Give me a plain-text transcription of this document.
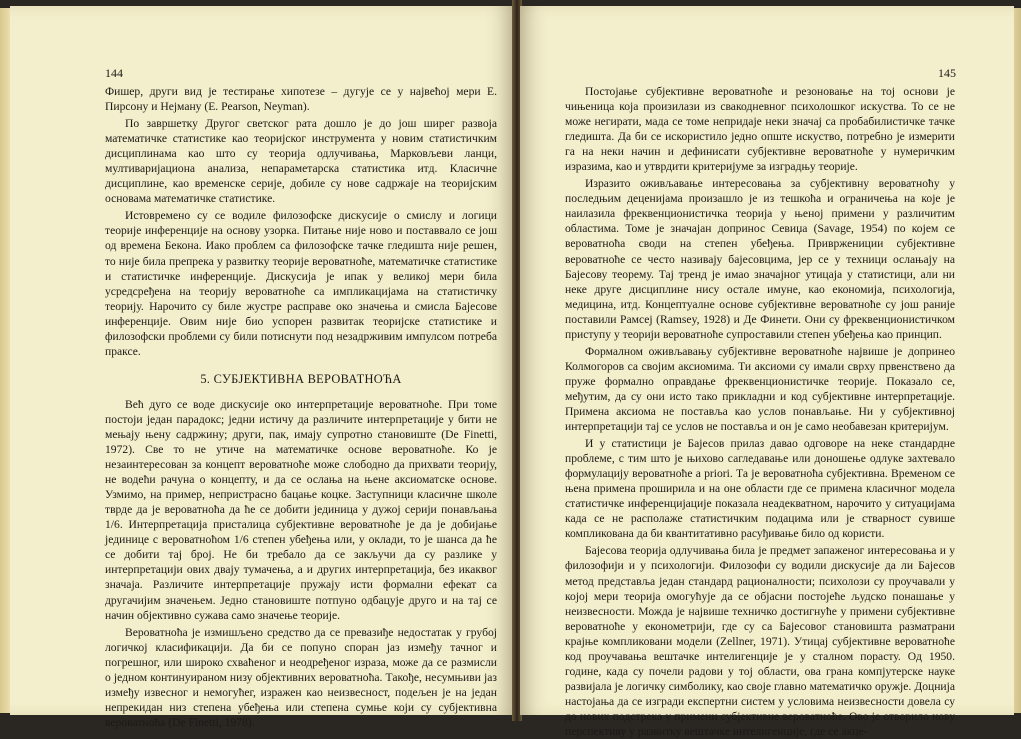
144

Фишер, други вид је тестирање хипотезе – дугује се у највећој мери Е. Пирсону и Нејману (E. Pearson, Neyman).

По завршетку Другог светског рата дошло је до још ширег развоја математичке статистике као теоријског инструмента у новим статистичким дисциплинама као што су теорија одлучивања, Марковљеви ланци, мултиваријациона анализа, непараметарска статистика итд. Класичне дисциплине, као временске серије, добиле су нове садржаје на теоријским основама математичке статистике.

Истовремено су се водиле филозофске дискусије о смислу и логици теорије инференције на основу узорка. Питање није ново и поставвало се још од времена Бекона. Иако проблем са филозофске тачке гледишта није решен, то није била препрека у развитку теорије вероватноће, математичке статистике и статистичке инференције. Дискусија је ипак у великој мери била усредсређена на теорију вероватноће са импликацијама на статистичку теорију. Нарочито су биле жустре расправе око значења и смисла Бајесове инференције. Овим није био успорен развитак теоријске статистике и филозофски проблеми су били потиснути под незадрживим импулсом потреба праксе.

5. СУБЈЕКТИВНА ВЕРОВАТНОЋА

Већ дуго се воде дискусије око интерпретације вероватноће. При томе постоји један парадокс; једни истичу да различите интерпретације у бити не мењају њену садржину; други, пак, имају супротно становиште (De Finetti, 1972). Све то не утиче на математичке основе вероватноће. Ко је незаинтересован за концепт вероватноће може слободно да прихвати теорију, не водећи рачуна о концепту, и да се ослања на њене аксиоматске основе. Узмимо, на пример, непристрасно бацање коцке. Заступници класичне школе тврде да је вероватноћа да ће се добити јединица у дужој серији понављања 1/6. Интерпретација присталица субјективне вероватноће је да је добијање јединице с вероватноћом 1/6 степен убеђења или, у оклади, то је шанса да ће се добити тај број. Не би требало да се закључи да су разлике у интерпретацији ових двају тумачења, а и других интерпретација, без икаквог значаја. Различите интерпретације пружају исти формални ефекат са другачијим значењем. Једно становиште потпуно одбацује друго и на тај се начин објективно сужава само значење теорије.

Вероватноћа је измишљено средство да се превазиђе недостатак у грубој логичкој класификацији. Да би се попуно споран јаз између тачног и погрешног, или широко схваћеног и неодређеног израза, може да се размисли о једном континуираном низу објективних вероватноћа. Такође, несумњиви јаз између извесног и немогућег, изражен као неизвесност, подељен је на један непрекидан низ степена убеђења или степена сумње који су субјективна вероватноћа (De Finetti, 1978).

145

Постојање субјективне вероватноће и резоновање на тој основи је чињеница која произилази из свакодневног психолошког искуства. То се не може негирати, мада се томе непридаје неки значај са пробабилистичке тачке гледишта. Да би се искористило једно опште искуство, потребно је измерити га на неки начин и дефинисати субјективне вероватноће у нумеричким изразима, као и утврдити критеријуме за изградњу теорије.

Изразито оживљавање интересовања за субјективну вероватноћу у последњим деценијама произашло је из тешкоћа и ограничења на које је наилазила фреквенционистичка теорија у њеној примени у различитим областима. Томе је значајан допринос Севиџа (Savage, 1954) по којем се вероватноћа своди на степен убеђења. Привржениции субјективне вероватноће се често називају бајесовцима, јер се у техници ослањају на Бајесову теорему. Тај тренд је имао значајног утицаја у статистици, али ни неке друге дисциплине нису остале имуне, као економија, психологија, медицина, итд. Концептуалне основе субјективне вероватноће су још раније поставили Рамсеј (Ramsey, 1928) и Де Финети. Они су фреквенционистичком приступу у теорији вероватноће супроставили степен убеђења као принцип.

Формалном оживљавању субјективне вероватноће највише је допринео Колмогоров са својим аксиомима. Ти аксиоми су имали сврху првенствено да пруже формално оправдање фреквенционистичке теорије. Показало се, међутим, да су они исто тако прикладни и код субјективне интерпретације. Примена аксиома не поставља као услов понављање. Ни у субјективној интерпретацији тај се услов не поставља и он је само необавезан критеријум.

И у статистици је Бајесов прилаз давао одговоре на неке стандардне проблеме, с тим што је њихово сагледавање или доношење одлуке захтевало формулацију вероватноће a priori. Та је вероватноћа субјективна. Временом се њена примена проширила и на оне области где се примена класичног модела статистичке инференцијације показала неадекватном, нарочито у ситуацијама када се не располаже статистичким подацима или је стварност сувише компликована да би квантитативно расуђивање било од користи.

Бајесова теорија одлучивања била је предмет запаженог интересовања и у филозофији и у психологији. Филозофи су водили дискусије да ли Бајесов метод представља један стандард рационалности; психолози су проучавали у којој мери теорија омогућује да се објасни постојеће људско понашање у неизвесности. Можда је највише техничко достигнуће у примени субјективне вероватноће у економетрији, где су са Бајесовог становишта разматрани крајње компликовани модели (Zellner, 1971). Утицај субјективне вероватноће код проучавања вештачке интелигенције је у сталном порасту. Од 1950. године, када су почели радови у тој области, ова грана компјутерске науке развијала је логичку симболику, као своје главно математичко оружје. Доцнија настојања да се изгради експертни систем у условима неизвесности довела су до нових подстрека у примени субјективне вероватноће. Ово је отворило нову перспективу у развитку вештачке интелигенције, где се акце-
